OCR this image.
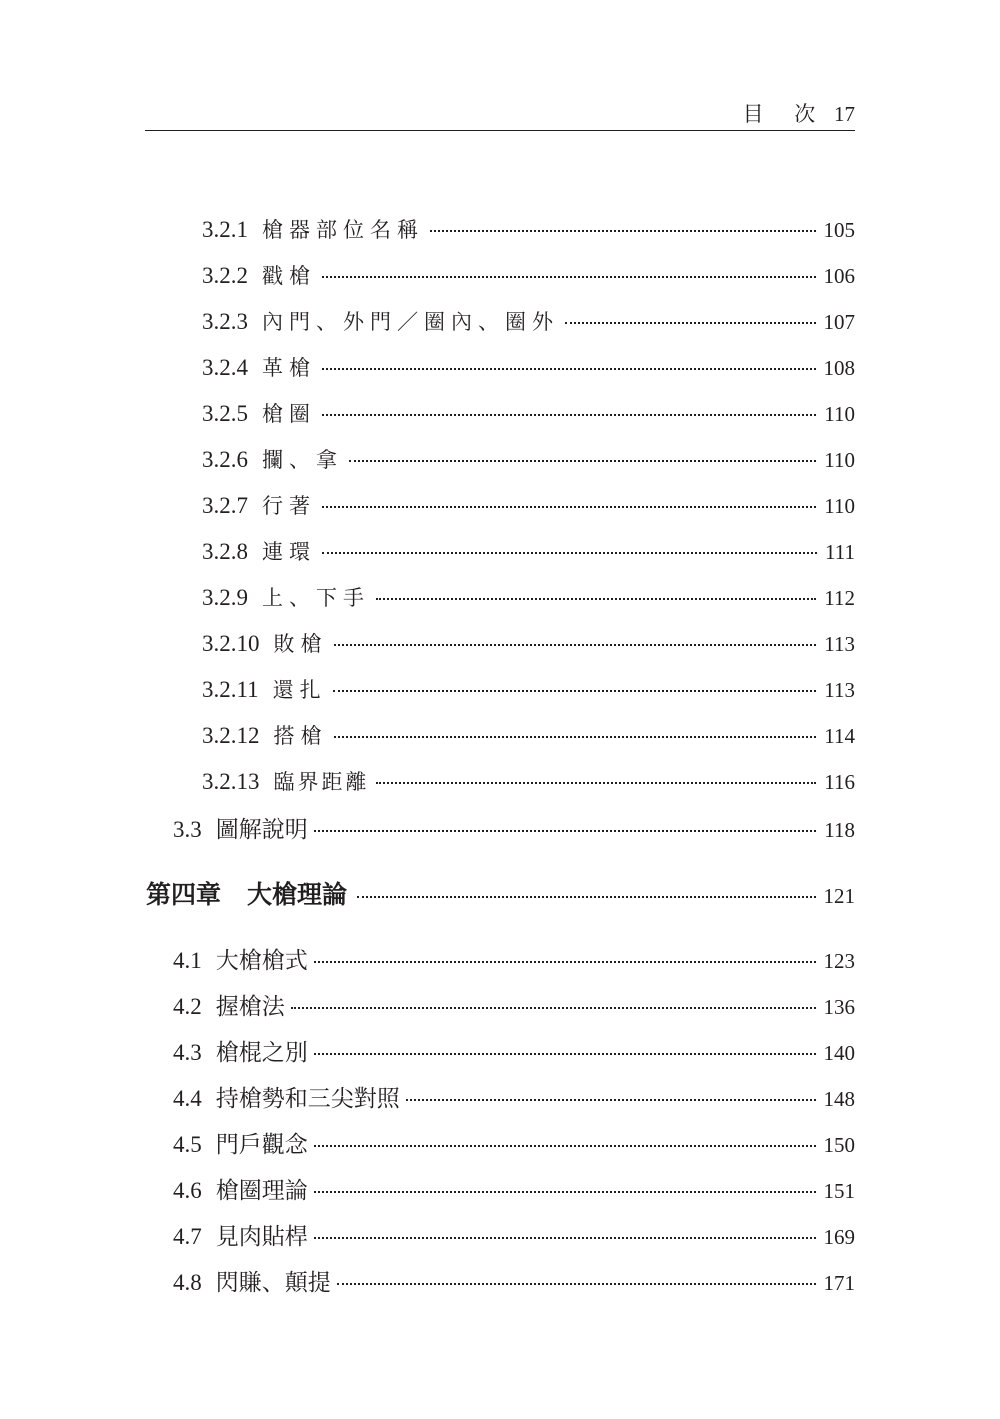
目 次 17
3.2.1 槍器部位名稱	105
3.2.2 戳槍	106
3.2.3 內門、外門／圈內、圈外	107
3.2.4 革槍	108
3.2.5 槍圈	110
3.2.6 攔、拿	110
3.2.7 行著	110
3.2.8 連環	111
3.2.9 上、下手	112
3.2.10 敗槍	113
3.2.11 還扎	113
3.2.12 搭槍	114
3.2.13 臨界距離	116
3.3 圖解說明	118
第四章 大槍理論	121
4.1 大槍槍式	123
4.2 握槍法	136
4.3 槍棍之別	140
4.4 持槍勢和三尖對照	148
4.5 門戶觀念	150
4.6 槍圈理論	151
4.7 見肉貼桿	169
4.8 閃賺、顛提	171
